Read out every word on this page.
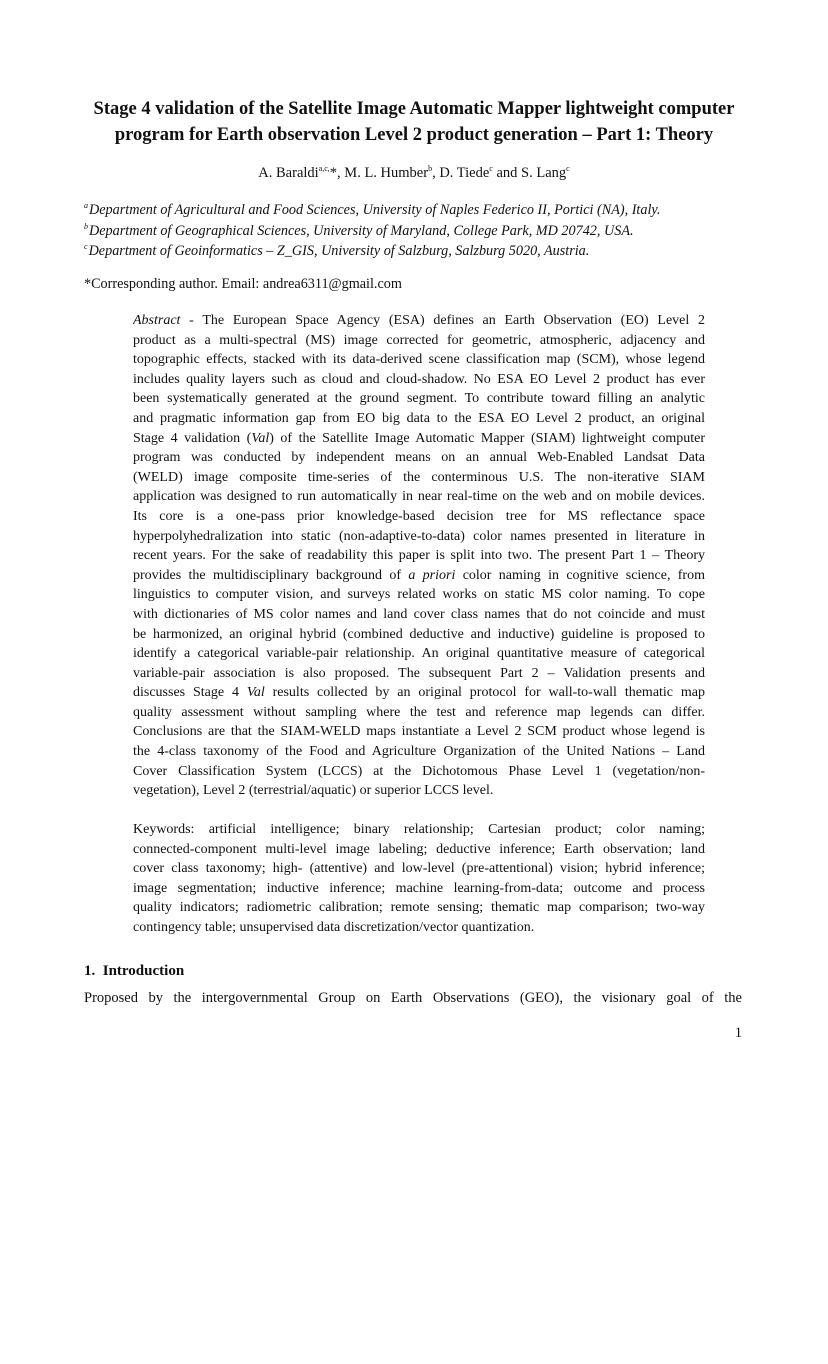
Stage 4 validation of the Satellite Image Automatic Mapper lightweight computer
program for Earth observation Level 2 product generation – Part 1: Theory
A. Baraldi$^{a,c,}$*, M. L. Humber$^b$, D. Tiede$^c$ and S. Lang$^c$
$^a$Department of Agricultural and Food Sciences, University of Naples Federico II, Portici (NA), Italy.
$^b$Department of Geographical Sciences, University of Maryland, College Park, MD 20742, USA.
$^c$Department of Geoinformatics – Z_GIS, University of Salzburg, Salzburg 5020, Austria.
*Corresponding author. Email: andrea6311@gmail.com

Abstract - The European Space Agency (ESA) defines an Earth Observation (EO) Level 2
product as a multi-spectral (MS) image corrected for geometric, atmospheric, adjacency and
topographic effects, stacked with its data-derived scene classification map (SCM), whose legend
includes quality layers such as cloud and cloud-shadow. No ESA EO Level 2 product has ever
been systematically generated at the ground segment. To contribute toward filling an analytic
and pragmatic information gap from EO big data to the ESA EO Level 2 product, an original
Stage 4 validation (Val) of the Satellite Image Automatic Mapper (SIAM) lightweight computer
program was conducted by independent means on an annual Web-Enabled Landsat Data
(WELD) image composite time-series of the conterminous U.S. The non-iterative SIAM
application was designed to run automatically in near real-time on the web and on mobile devices.
Its core is a one-pass prior knowledge-based decision tree for MS reflectance space
hyperpolyhedralization into static (non-adaptive-to-data) color names presented in literature in
recent years. For the sake of readability this paper is split into two. The present Part 1 – Theory
provides the multidisciplinary background of a priori color naming in cognitive science, from
linguistics to computer vision, and surveys related works on static MS color naming. To cope
with dictionaries of MS color names and land cover class names that do not coincide and must
be harmonized, an original hybrid (combined deductive and inductive) guideline is proposed to
identify a categorical variable-pair relationship. An original quantitative measure of categorical
variable-pair association is also proposed. The subsequent Part 2 – Validation presents and
discusses Stage 4 Val results collected by an original protocol for wall-to-wall thematic map
quality assessment without sampling where the test and reference map legends can differ.
Conclusions are that the SIAM-WELD maps instantiate a Level 2 SCM product whose legend is
the 4-class taxonomy of the Food and Agriculture Organization of the United Nations – Land
Cover Classification System (LCCS) at the Dichotomous Phase Level 1 (vegetation/non-
vegetation), Level 2 (terrestrial/aquatic) or superior LCCS level.

Keywords: artificial intelligence; binary relationship; Cartesian product; color naming;
connected-component multi-level image labeling; deductive inference; Earth observation; land
cover class taxonomy; high- (attentive) and low-level (pre-attentional) vision; hybrid inference;
image segmentation; inductive inference; machine learning-from-data; outcome and process
quality indicators; radiometric calibration; remote sensing; thematic map comparison; two-way
contingency table; unsupervised data discretization/vector quantization.

1. Introduction

Proposed by the intergovernmental Group on Earth Observations (GEO), the visionary goal of the

1
